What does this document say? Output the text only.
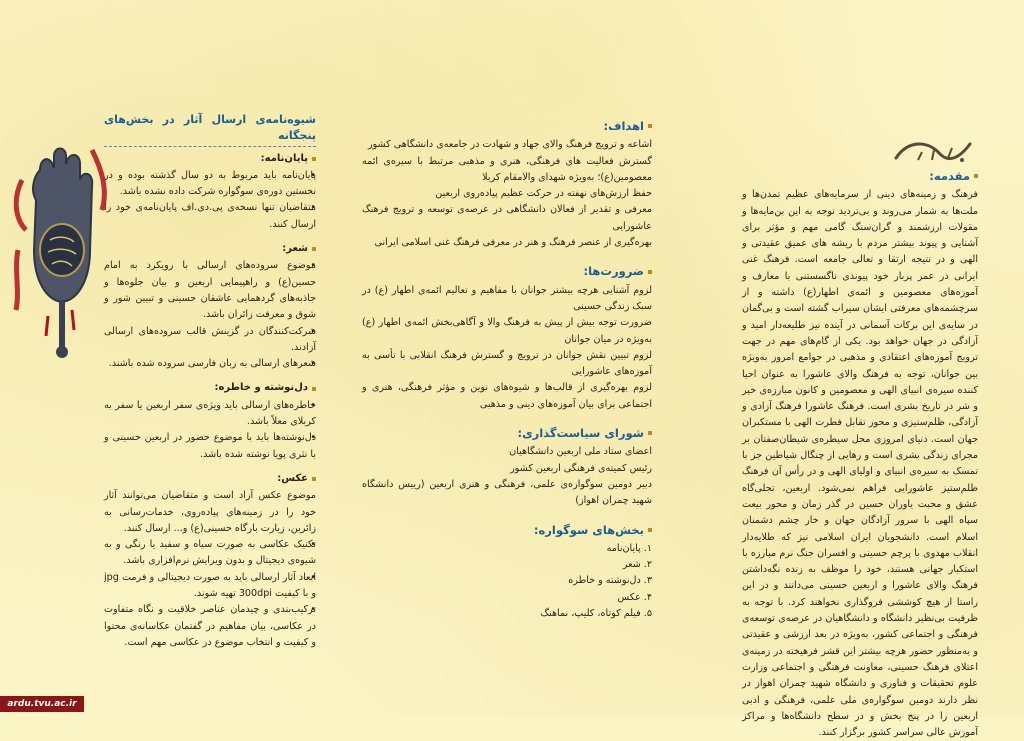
مقدمه:

فرهنگ و زمینه‌های دینی از سرمایه‌های عظیم تمدن‌ها و ملت‌ها به شمار می‌روند و بی‌تردید توجه به این بن‌مایه‌ها و مقولات ارزشمند و گران‌سنگ گامی مهم و مؤثر برای آشنایی و پیوند بیشتر مردم با ریشه های عمیق عقیدتی و الهی و در نتیجه ارتقا و تعالی جامعه است. فرهنگ غنی ایرانی در عمر پربار خود پیوندی ناگسستنی با معارف و آموزه‌های معصومین و ائمه‌ی اطهار(ع) داشته و از سرچشمه‌های معرفتی ایشان سیراب گشته است و بی‌گمان در سایه‌ی این برکات آسمانی در آینده نیز طلیعه‌دار امید و آزادگی در جهان خواهد بود. یکی از گام‌های مهم در جهت ترویج آموزه‌های اعتقادی و مذهبی در جوامع امروز به‌ویژه بین جوانان، توجه به فرهنگ والای عاشورا به عنوان احیا کننده سیره‌ی انبیای الهی و معصومین و کانون مبارزه‌ی خیر و شر در تاریخ بشری است. فرهنگ عاشورا فرهنگ آزادی و آزادگی، ظلم‌ستیزی و محور تقابل فطرت الهی با مستکبران جهان است. دنیای امروزی محل سیطره‌ی شیطان‌صفتان بر مجرای زندگی بشری است و رهایی از چنگال شیاطین جز با تمسک به سیره‌ی انبیای و اولیای الهی و در رأس آن فرهنگ ظلم‌ستیز عاشورایی فراهم نمی‌شود. اربعین، تجلی‌گاه عشق و محبت یاوران حسین در گذر زمان و محور بیعت سپاه الهی با سرور آزادگان جهان و خار چشم دشمنان اسلام است. دانشجویان ایران اسلامی نیز که طلایه‌دار انقلاب مهدوی با پرچم حسینی و افسران جنگ نرم مبارزه با استکبار جهانی هستند، خود را موظف به زنده نگه‌داشتن فرهنگ والای عاشورا و اربعین حسینی می‌دانند و در این راستا از هیچ کوششی فروگذاری نخواهند کرد. با توجه به ظرفیت بی‌نظیر دانشگاه و دانشگاهیان در عرصه‌ی توسعه‌ی فرهنگی و اجتماعی کشور، به‌ویژه در بعد ارزشی و عقیدتی و به‌منظور حضور هرچه بیشتر این قشر فرهیخته در زمینه‌ی اعتلای فرهنگ حسینی، معاونت فرهنگی و اجتماعی وزارت علوم تحقیقات و فناوری و دانشگاه شهید چمران اهواز در نظر دارند دومین سوگواره‌ی ملی علمی، فرهنگی و ادبی اربعین را در پنج بخش و در سطح دانشگاه‌ها و مراکز آموزش عالی سراسر کشور برگزار کنند.

اهداف:
اشاعه و ترویج فرهنگ والای جهاد و شهادت در جامعه‌ی دانشگاهی کشور
گسترش فعالیت های فرهنگی، هنری و مذهبی مرتبط با سیره‌ی ائمه معصومین(ع)؛ به‌ویژه شهدای والامقام کربلا
حفظ ارزش‌های نهفته در حرکت عظیم پیاده‌روی اربعین
معرفی و تقدیر از فعالان دانشگاهی در عرصه‌ی توسعه و ترویج فرهنگ عاشورایی
بهره‌گیری از عنصر فرهنگ و هنر در معرفی فرهنگ غنی اسلامی ایرانی
ضرورت‌ها:
لزوم آشنایی هرچه بیشتر جوانان با مفاهیم و تعالیم ائمه‌ی اطهار (ع) در سبک زندگی حسینی
ضرورت توجه بیش از پیش به فرهنگ والا و آگاهی‌بخش ائمه‌ی اطهار (ع) به‌ویژه در میان جوانان
لزوم تبیین نقش جوانان در ترویج و گسترش فرهنگ انقلابی با تأسی به آموزه‌های عاشورایی
لزوم بهره‌گیری از قالب‌ها و شیوه‌های نوین و مؤثر فرهنگی، هنری و اجتماعی برای بیان آموزه‌های دینی و مذهبی
شورای سیاست‌گذاری:
اعضای ستاد ملی اربعین دانشگاهیان
رئیس کمیته‌ی فرهنگی اربعین کشور
دبیر دومین سوگواره‌ی علمی، فرهنگی و هنری اربعین (رییس دانشگاه شهید چمران اهواز)
بخش‌های سوگواره:
۱. پایان‌نامه
۲. شعر
۳. دل‌نوشته و خاطره
۴. عکس
۵. فیلم کوتاه، کلیپ، نماهنگ
شیوه‌نامه‌ی ارسال آثار در بخش‌های پنجگانه
پایان‌نامه:
• پایان‌نامه باید مربوط به دو سال گذشته بوده و در نخستین دوره‌ی سوگواره شرکت داده نشده باشد.
• متقاضیان تنها نسخه‌ی پی.دی.اف پایان‌نامه‌ی خود را ارسال کنند.
شعر:
• موضوع سروده‌های ارسالی با رویکرد به امام حسین(ع) و راهپیمایی اربعین و بیان جلوه‌ها و جاذبه‌های گردهمایی عاشقان حسینی و تبیین شور و شوق و معرفت زائران باشد.
• شرکت‌کنندگان در گزینش قالب سروده‌های ارسالی آزادند.
• شعرهای ارسالی به زبان فارسی سروده شده باشند.
دل‌نوشته و خاطره:
• خاطره‌های ارسالی باید ویژه‌ی سفر اربعین یا سفر به کربلای معلاً باشد.
• دل‌نوشته‌ها باید با موضوع حضور در اربعین حسینی و با نثری پویا نوشته شده باشد.
عکس:

موضوع عکس آزاد است و متقاضیان می‌توانند آثار خود را در زمینه‌های پیاده‌روی، خدمات‌رسانی به زائرین، زیارت بارگاه حسینی(ع) و... ارسال کنند.

• تکنیک عکاسی به صورت سیاه و سفید یا رنگی و به شیوه‌ی دیجیتال و بدون ویرایش نرم‌افزاری باشد.
• ابعاد آثار ارسالی باید به صورت دیجیتالی و فرمت jpg و با کیفیت 300dpi تهیه شوند.
• ترکیب‌بندی و چیدمان عناصر خلاقیت و نگاه متفاوت در عکاسی، بیان مفاهیم در گفتمان عکاسانه‌ی محتوا و کیفیت و انتخاب موضوع در عکاسی مهم است.
ardu.tvu.ac.ir
